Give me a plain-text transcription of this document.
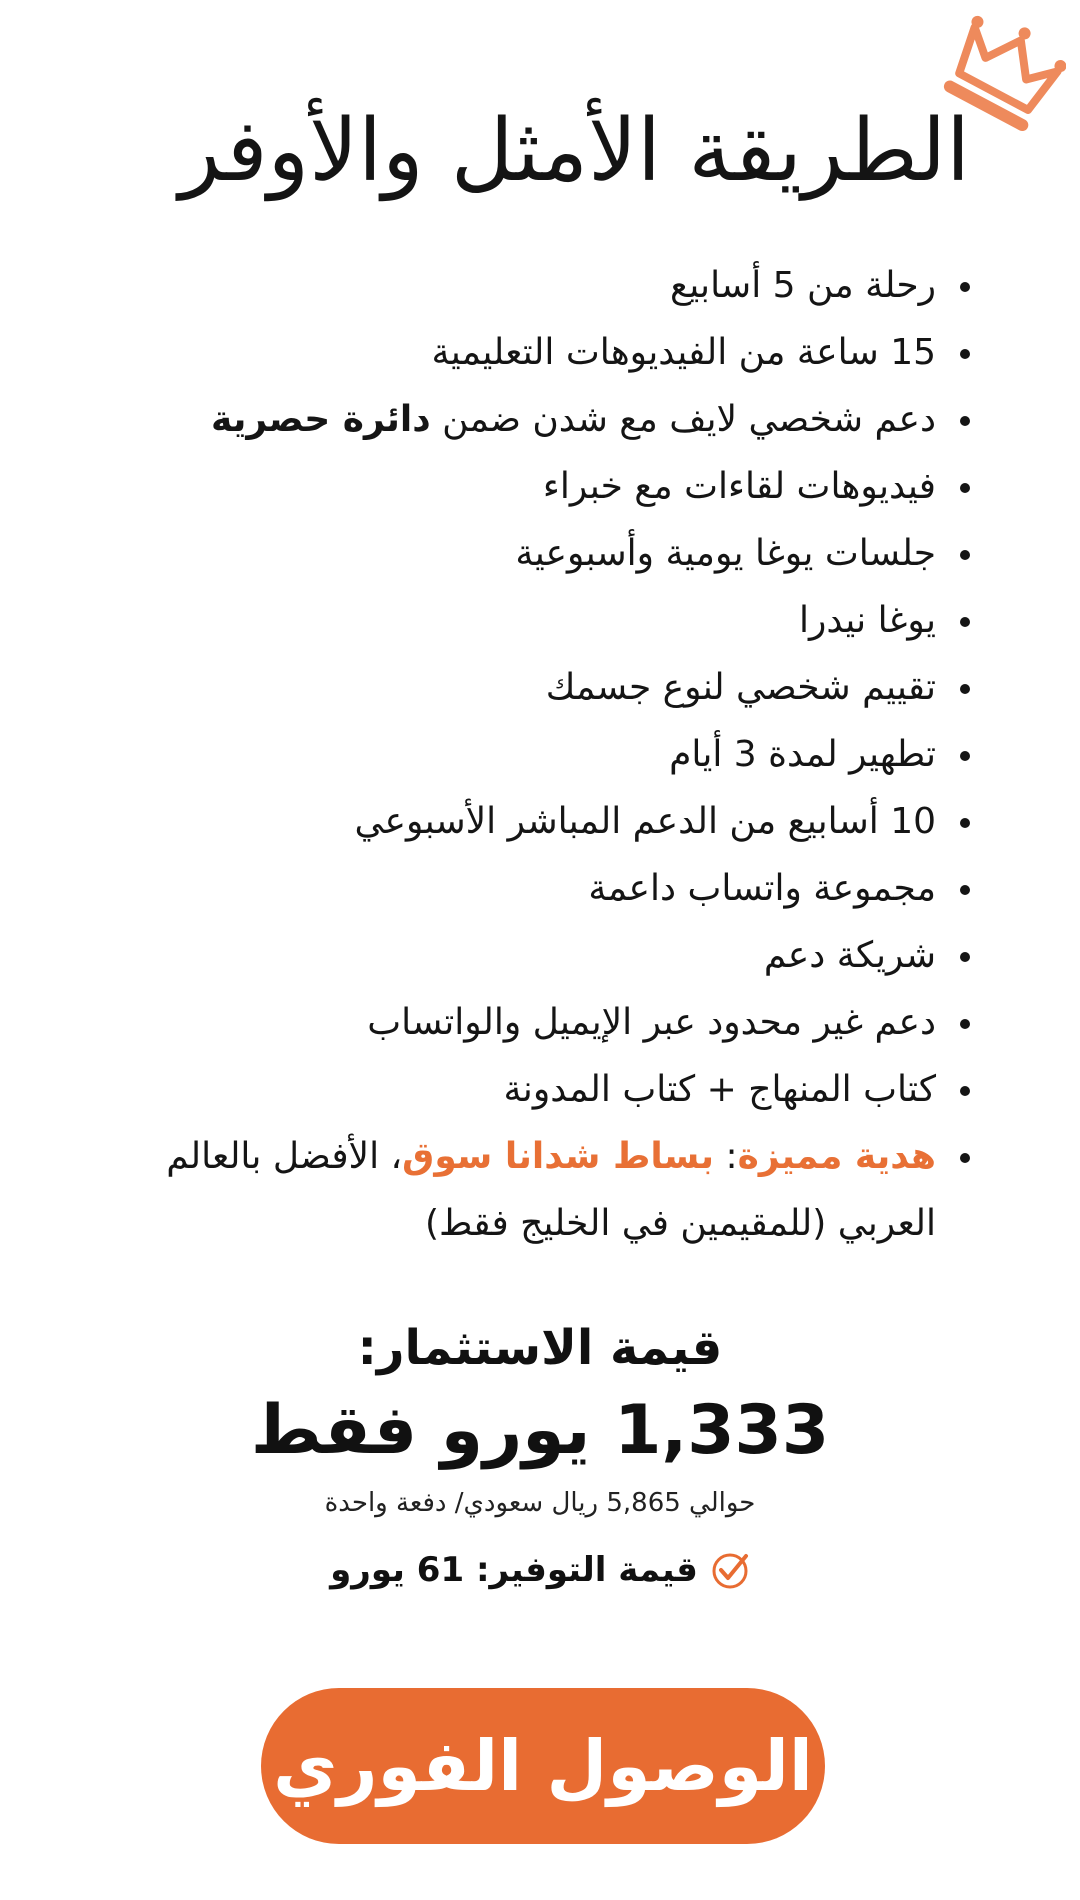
الطريقة الأمثل والأوفر
رحلة من 5 أسابيع
15 ساعة من الفيديوهات التعليمية
دعم شخصي لايف مع شدن ضمن دائرة حصرية
فيديوهات لقاءات مع خبراء
جلسات يوغا يومية وأسبوعية
يوغا نيدرا
تقييم شخصي لنوع جسمك
تطهير لمدة 3 أيام
10 أسابيع من الدعم المباشر الأسبوعي
مجموعة واتساب داعمة
شريكة دعم
دعم غير محدود عبر الإيميل والواتساب
كتاب المنهاج + كتاب المدونة
هدية مميزة: بساط شدانا سوق، الأفضل بالعالم العربي (للمقيمين في الخليج فقط)
قيمة الاستثمار:
1,333 يورو فقط
حوالي 5,865 ريال سعودي/ دفعة واحدة
قيمة التوفير: 61 يورو
الوصول الفوري
